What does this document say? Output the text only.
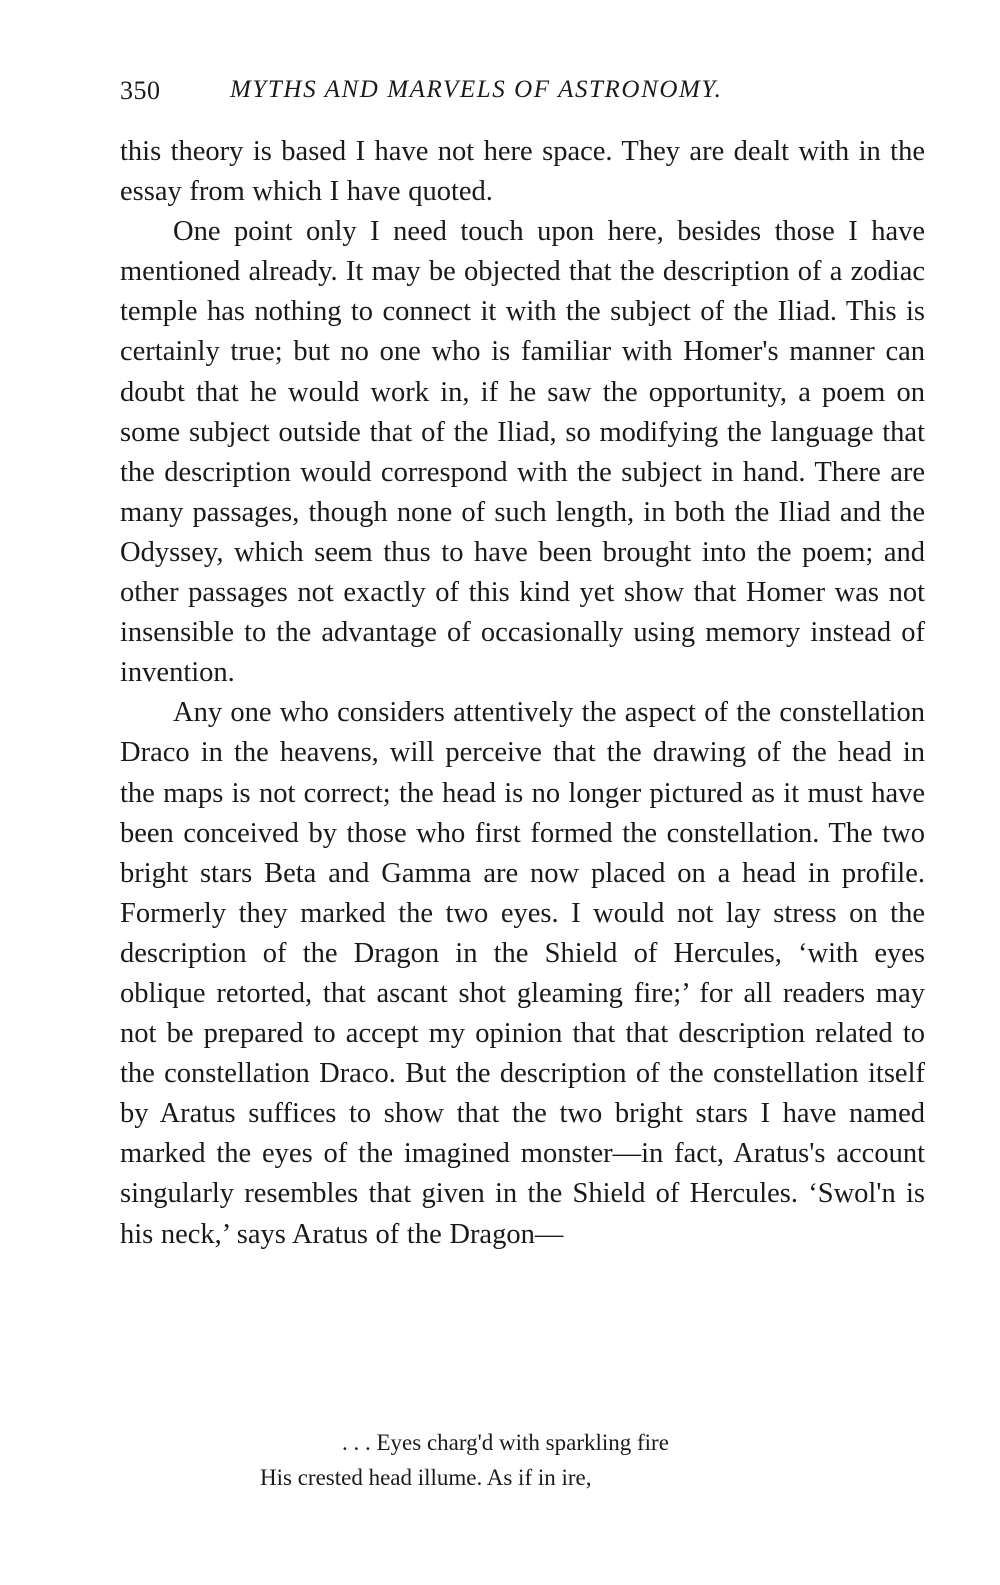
350	MYTHS AND MARVELS OF ASTRONOMY.

this theory is based I have not here space. They are dealt with in the essay from which I have quoted.

One point only I need touch upon here, besides those I have mentioned already. It may be objected that the description of a zodiac temple has nothing to connect it with the subject of the Iliad. This is certainly true; but no one who is familiar with Homer's manner can doubt that he would work in, if he saw the opportunity, a poem on some subject outside that of the Iliad, so modifying the language that the description would correspond with the subject in hand. There are many passages, though none of such length, in both the Iliad and the Odyssey, which seem thus to have been brought into the poem; and other passages not exactly of this kind yet show that Homer was not insensible to the advantage of occasionally using memory instead of invention.

Any one who considers attentively the aspect of the constellation Draco in the heavens, will perceive that the drawing of the head in the maps is not correct; the head is no longer pictured as it must have been conceived by those who first formed the constellation. The two bright stars Beta and Gamma are now placed on a head in profile. Formerly they marked the two eyes. I would not lay stress on the description of the Dragon in the Shield of Hercules, ‘with eyes oblique retorted, that ascant shot gleaming fire;’ for all readers may not be prepared to accept my opinion that that description related to the constellation Draco. But the description of the constellation itself by Aratus suffices to show that the two bright stars I have named marked the eyes of the imagined monster—in fact, Aratus's account singularly resembles that given in the Shield of Hercules. ‘Swol'n is his neck,’ says Aratus of the Dragon—

. . . Eyes charg'd with sparkling fire
His crested head illume. As if in ire,
